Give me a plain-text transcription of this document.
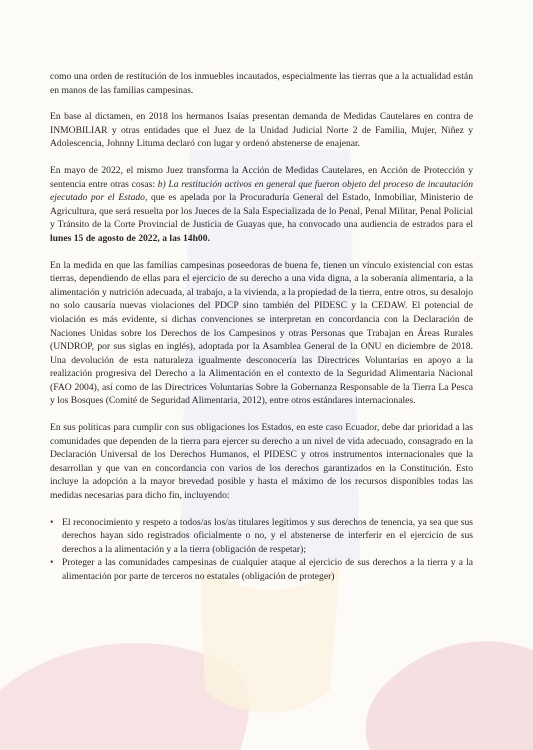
como una orden de restitución de los inmuebles incautados, especialmente las tierras que a la actualidad están en manos de las familias campesinas.

En base al dictamen, en 2018 los hermanos Isaías presentan demanda de Medidas Cautelares en contra de INMOBILIAR y otras entidades que el Juez de la Unidad Judicial Norte 2 de Familia, Mujer, Niñez y Adolescencia, Johnny Lituma declaró con lugar y ordenó abstenerse de enajenar.

En mayo de 2022, el mismo Juez transforma la Acción de Medidas Cautelares, en Acción de Protección y sentencia entre otras cosas: b) La restitución activos en general que fueron objeto del proceso de incautación ejecutado por el Estado, que es apelada por la Procuraduría General del Estado, Inmobiliar, Ministerio de Agricultura, que será resuelta por los Jueces de la Sala Especializada de lo Penal, Penal Militar, Penal Policial y Tránsito de la Corte Provincial de Justicia de Guayas que, ha convocado una audiencia de estrados para el lunes 15 de agosto de 2022, a las 14h00.

En la medida en que las familias campesinas poseedoras de buena fe, tienen un vínculo existencial con estas tierras, dependiendo de ellas para el ejercicio de su derecho a una vida digna, a la soberanía alimentaria, a la alimentación y nutrición adecuada, al trabajo, a la vivienda, a la propiedad de la tierra, entre otros, su desalojo no solo causaría nuevas violaciones del PDCP sino también del PIDESC y la CEDAW. El potencial de violación es más evidente, si dichas convenciones se interpretan en concordancia con la Declaración de Naciones Unidas sobre los Derechos de los Campesinos y otras Personas que Trabajan en Áreas Rurales (UNDROP, por sus siglas en inglés), adoptada por la Asamblea General de la ONU en diciembre de 2018. Una devolución de esta naturaleza igualmente desconocería las Directrices Voluntarias en apoyo a la realización progresiva del Derecho a la Alimentación en el contexto de la Seguridad Alimentaria Nacional (FAO 2004), así como de las Directrices Voluntarias Sobre la Gobernanza Responsable de la Tierra La Pesca y los Bosques (Comité de Seguridad Alimentaria, 2012), entre otros estándares internacionales.

En sus políticas para cumplir con sus obligaciones los Estados, en este caso Ecuador, debe dar prioridad a las comunidades que dependen de la tierra para ejercer su derecho a un nivel de vida adecuado, consagrado en la Declaración Universal de los Derechos Humanos, el PIDESC y otros instrumentos internacionales que la desarrollan y que van en concordancia con varios de los derechos garantizados en la Constitución. Esto incluye la adopción a la mayor brevedad posible y hasta el máximo de los recursos disponibles todas las medidas necesarias para dicho fin, incluyendo:

• El reconocimiento y respeto a todos/as los/as titulares legítimos y sus derechos de tenencia, ya sea que sus derechos hayan sido registrados oficialmente o no, y el abstenerse de interferir en el ejercicio de sus derechos a la alimentación y a la tierra (obligación de respetar);
• Proteger a las comunidades campesinas de cualquier ataque al ejercicio de sus derechos a la tierra y a la alimentación por parte de terceros no estatales (obligación de proteger)
